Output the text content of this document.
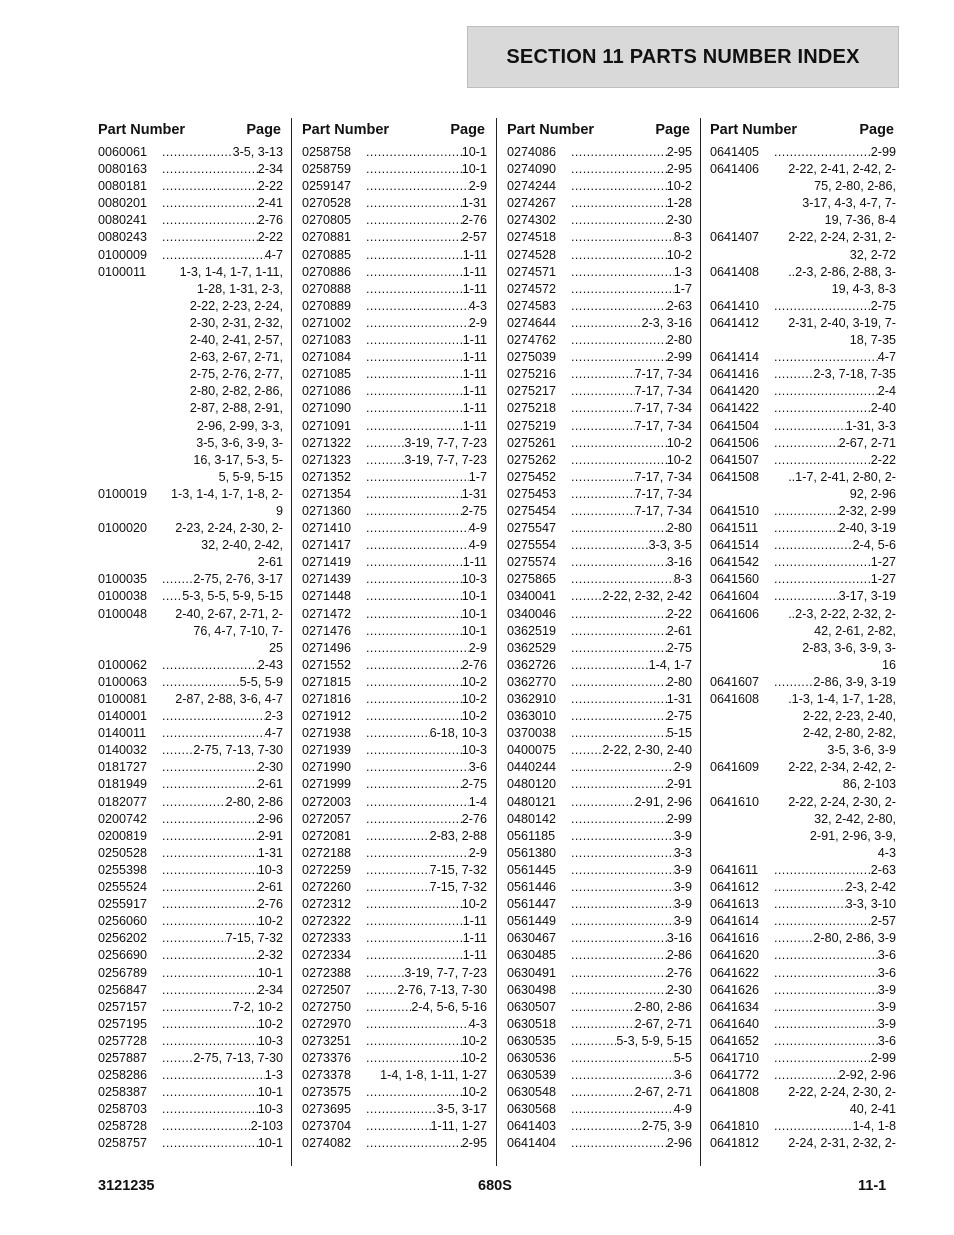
SECTION 11 PARTS NUMBER INDEX
Part Number	Page
0060061 .....	3-5, 3-13
0080163 .....	2-34
0080181 .....	2-22
0080201 .....	2-41
0080241 .....	2-76
0080243 .....	2-22
0100009 .....	4-7
0100011	1-3, 1-4, 1-7, 1-11,
1-28, 1-31, 2-3,
2-22, 2-23, 2-24,
2-30, 2-31, 2-32,
2-40, 2-41, 2-57,
2-63, 2-67, 2-71,
2-75, 2-76, 2-77,
2-80, 2-82, 2-86,
2-87, 2-88, 2-91,
2-96, 2-99, 3-3,
3-5, 3-6, 3-9, 3-
16, 3-17, 5-3, 5-
5, 5-9, 5-15
0100019	1-3, 1-4, 1-7, 1-8, 2-
9
0100020	2-23, 2-24, 2-30, 2-
32, 2-40, 2-42,
2-61
0100035 .....	2-75, 2-76, 3-17
0100038 .....	5-3, 5-5, 5-9, 5-15
0100048	2-40, 2-67, 2-71, 2-
76, 4-7, 7-10, 7-
25
0100062 .....	2-43
0100063 .....	5-5, 5-9
0100081	2-87, 2-88, 3-6, 4-7
0140001 .....	2-3
0140011 .....	4-7
0140032 .....	2-75, 7-13, 7-30
0181727 .....	2-30
0181949 .....	2-61
0182077 .....	2-80, 2-86
0200742 .....	2-96
0200819 .....	2-91
0250528 .....	1-31
0255398 .....	10-3
0255524 .....	2-61
0255917 .....	2-76
0256060 .....	10-2
0256202 .....	7-15, 7-32
0256690 .....	2-32
0256789 .....	10-1
0256847 .....	2-34
0257157 .....	7-2, 10-2
0257195 .....	10-2
0257728 .....	10-3
0257887 .....	2-75, 7-13, 7-30
0258286 .....	1-3
0258387 .....	10-1
0258703 .....	10-3
0258728 .....	2-103
0258757 .....	10-1
Part Number	Page
0258758 .....	10-1
0258759 .....	10-1
0259147 .....	2-9
0270528 .....	1-31
0270805 .....	2-76
0270881 .....	2-57
0270885 .....	1-11
0270886 .....	1-11
0270888 .....	1-11
0270889 .....	4-3
0271002 .....	2-9
0271083 .....	1-11
0271084 .....	1-11
0271085 .....	1-11
0271086 .....	1-11
0271090 .....	1-11
0271091 .....	1-11
0271322 .....	3-19, 7-7, 7-23
0271323 .....	3-19, 7-7, 7-23
0271352 .....	1-7
0271354 .....	1-31
0271360 .....	2-75
0271410 .....	4-9
0271417 .....	4-9
0271419 .....	1-11
0271439 .....	10-3
0271448 .....	10-1
0271472 .....	10-1
0271476 .....	10-1
0271496 .....	2-9
0271552 .....	2-76
0271815 .....	10-2
0271816 .....	10-2
0271912 .....	10-2
0271938 .....	6-18, 10-3
0271939 .....	10-3
0271990 .....	3-6
0271999 .....	2-75
0272003 .....	1-4
0272057 .....	2-76
0272081 .....	2-83, 2-88
0272188 .....	2-9
0272259 .....	7-15, 7-32
0272260 .....	7-15, 7-32
0272312 .....	10-2
0272322 .....	1-11
0272333 .....	1-11
0272334 .....	1-11
0272388 .....	3-19, 7-7, 7-23
0272507 .....	2-76, 7-13, 7-30
0272750 .....	2-4, 5-6, 5-16
0272970 .....	4-3
0273251 .....	10-2
0273376 .....	10-2
0273378	1-4, 1-8, 1-11, 1-27
0273575 .....	10-2
0273695 .....	3-5, 3-17
0273704 .....	1-11, 1-27
0274082 .....	2-95
Part Number	Page
0274086 .....	2-95
0274090 .....	2-95
0274244 .....	10-2
0274267 .....	1-28
0274302 .....	2-30
0274518 .....	8-3
0274528 .....	10-2
0274571 .....	1-3
0274572 .....	1-7
0274583 .....	2-63
0274644 .....	2-3, 3-16
0274762 .....	2-80
0275039 .....	2-99
0275216 .....	7-17, 7-34
0275217 .....	7-17, 7-34
0275218 .....	7-17, 7-34
0275219 .....	7-17, 7-34
0275261 .....	10-2
0275262 .....	10-2
0275452 .....	7-17, 7-34
0275453 .....	7-17, 7-34
0275454 .....	7-17, 7-34
0275547 .....	2-80
0275554 .....	3-3, 3-5
0275574 .....	3-16
0275865 .....	8-3
0340041 .....	2-22, 2-32, 2-42
0340046 .....	2-22
0362519 .....	2-61
0362529 .....	2-75
0362726 .....	1-4, 1-7
0362770 .....	2-80
0362910 .....	1-31
0363010 .....	2-75
0370038 .....	5-15
0400075 .....	2-22, 2-30, 2-40
0440244 .....	2-9
0480120 .....	2-91
0480121 .....	2-91, 2-96
0480142 .....	2-99
0561185 .....	3-9
0561380 .....	3-3
0561445 .....	3-9
0561446 .....	3-9
0561447 .....	3-9
0561449 .....	3-9
0630467 .....	3-16
0630485 .....	2-86
0630491 .....	2-76
0630498 .....	2-30
0630507 .....	2-80, 2-86
0630518 .....	2-67, 2-71
0630535 .....	5-3, 5-9, 5-15
0630536 .....	5-5
0630539 .....	3-6
0630548 .....	2-67, 2-71
0630568 .....	4-9
0641403 .....	2-75, 3-9
0641404 .....	2-96
Part Number	Page
0641405 .....	2-99
0641406	2-22, 2-41, 2-42, 2-
75, 2-80, 2-86,
3-17, 4-3, 4-7, 7-
19, 7-36, 8-4
0641407	2-22, 2-24, 2-31, 2-
32, 2-72
0641408	..2-3, 2-86, 2-88, 3-
19, 4-3, 8-3
0641410 .....	2-75
0641412	2-31, 2-40, 3-19, 7-
18, 7-35
0641414 .....	4-7
0641416 .....	2-3, 7-18, 7-35
0641420 .....	2-4
0641422 .....	2-40
0641504 .....	1-31, 3-3
0641506 .....	2-67, 2-71
0641507 .....	2-22
0641508	..1-7, 2-41, 2-80, 2-
92, 2-96
0641510 .....	2-32, 2-99
0641511 .....	2-40, 3-19
0641514 .....	2-4, 5-6
0641542 .....	1-27
0641560 .....	1-27
0641604 .....	3-17, 3-19
0641606	..2-3, 2-22, 2-32, 2-
42, 2-61, 2-82,
2-83, 3-6, 3-9, 3-
16
0641607 .....	2-86, 3-9, 3-19
0641608	.1-3, 1-4, 1-7, 1-28,
2-22, 2-23, 2-40,
2-42, 2-80, 2-82,
3-5, 3-6, 3-9
0641609	2-22, 2-34, 2-42, 2-
86, 2-103
0641610	2-22, 2-24, 2-30, 2-
32, 2-42, 2-80,
2-91, 2-96, 3-9,
4-3
0641611 .....	2-63
0641612 .....	2-3, 2-42
0641613 .....	3-3, 3-10
0641614 .....	2-57
0641616 .....	2-80, 2-86, 3-9
0641620 .....	3-6
0641622 .....	3-6
0641626 .....	3-9
0641634 .....	3-9
0641640 .....	3-9
0641652 .....	3-6
0641710 .....	2-99
0641772 .....	2-92, 2-96
0641808	2-22, 2-24, 2-30, 2-
40, 2-41
0641810 .....	1-4, 1-8
0641812	2-24, 2-31, 2-32, 2-
3121235	680S	11-1
